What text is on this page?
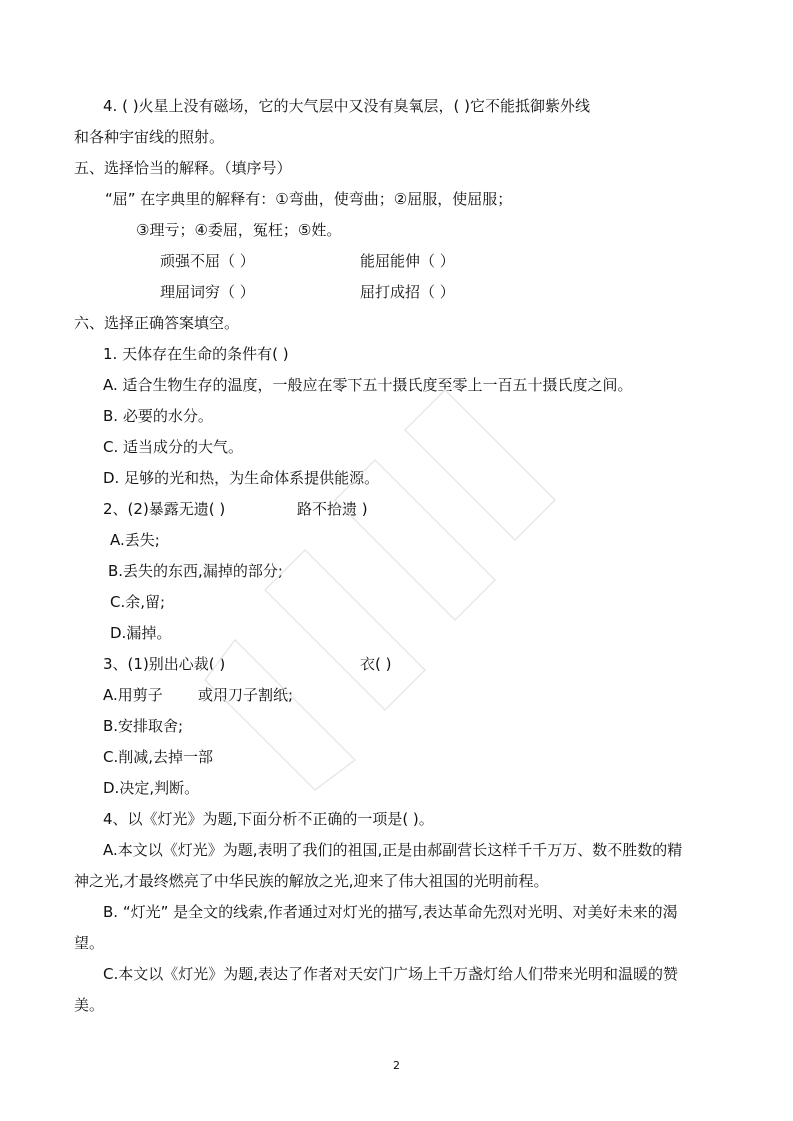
4. ( )火星上没有磁场，它的大气层中又没有臭氧层，( )它不能抵御紫外线
和各种宇宙线的照射。
五、选择恰当的解释。（填序号）
“屈” 在字典里的解释有：①弯曲，使弯曲；②屈服，使屈服；
③理亏；④委屈，冤枉；⑤姓。
顽强不屈（ ）	能屈能伸（ ）
理屈词穷（ ）	屈打成招（ ）
六、选择正确答案填空。
1. 天体存在生命的条件有( )
A. 适合生物生存的温度，一般应在零下五十摄氏度至零上一百五十摄氏度之间。
B. 必要的水分。
C. 适当成分的大气。
D. 足够的光和热，为生命体系提供能源。
2、(2)暴露无遗( )	路不拾遗 )
A.丢失;
B.丢失的东西,漏掉的部分;
C.余,留;
D.漏掉。
3、(1)别出心裁( )	衣( )
A.用剪子 或用刀子割纸;
B.安排取舍;
C.削减,去掉一部
D.决定,判断。
4、以《灯光》为题,下面分析不正确的一项是( )。
A.本文以《灯光》为题,表明了我们的祖国,正是由郝副营长这样千千万万、数不胜数的精
神之光,才最终燃亮了中华民族的解放之光,迎来了伟大祖国的光明前程。
B. “灯光” 是全文的线索,作者通过对灯光的描写,表达革命先烈对光明、对美好未来的渴
望。
C.本文以《灯光》为题,表达了作者对天安门广场上千万盏灯给人们带来光明和温暖的赞
美。
2
